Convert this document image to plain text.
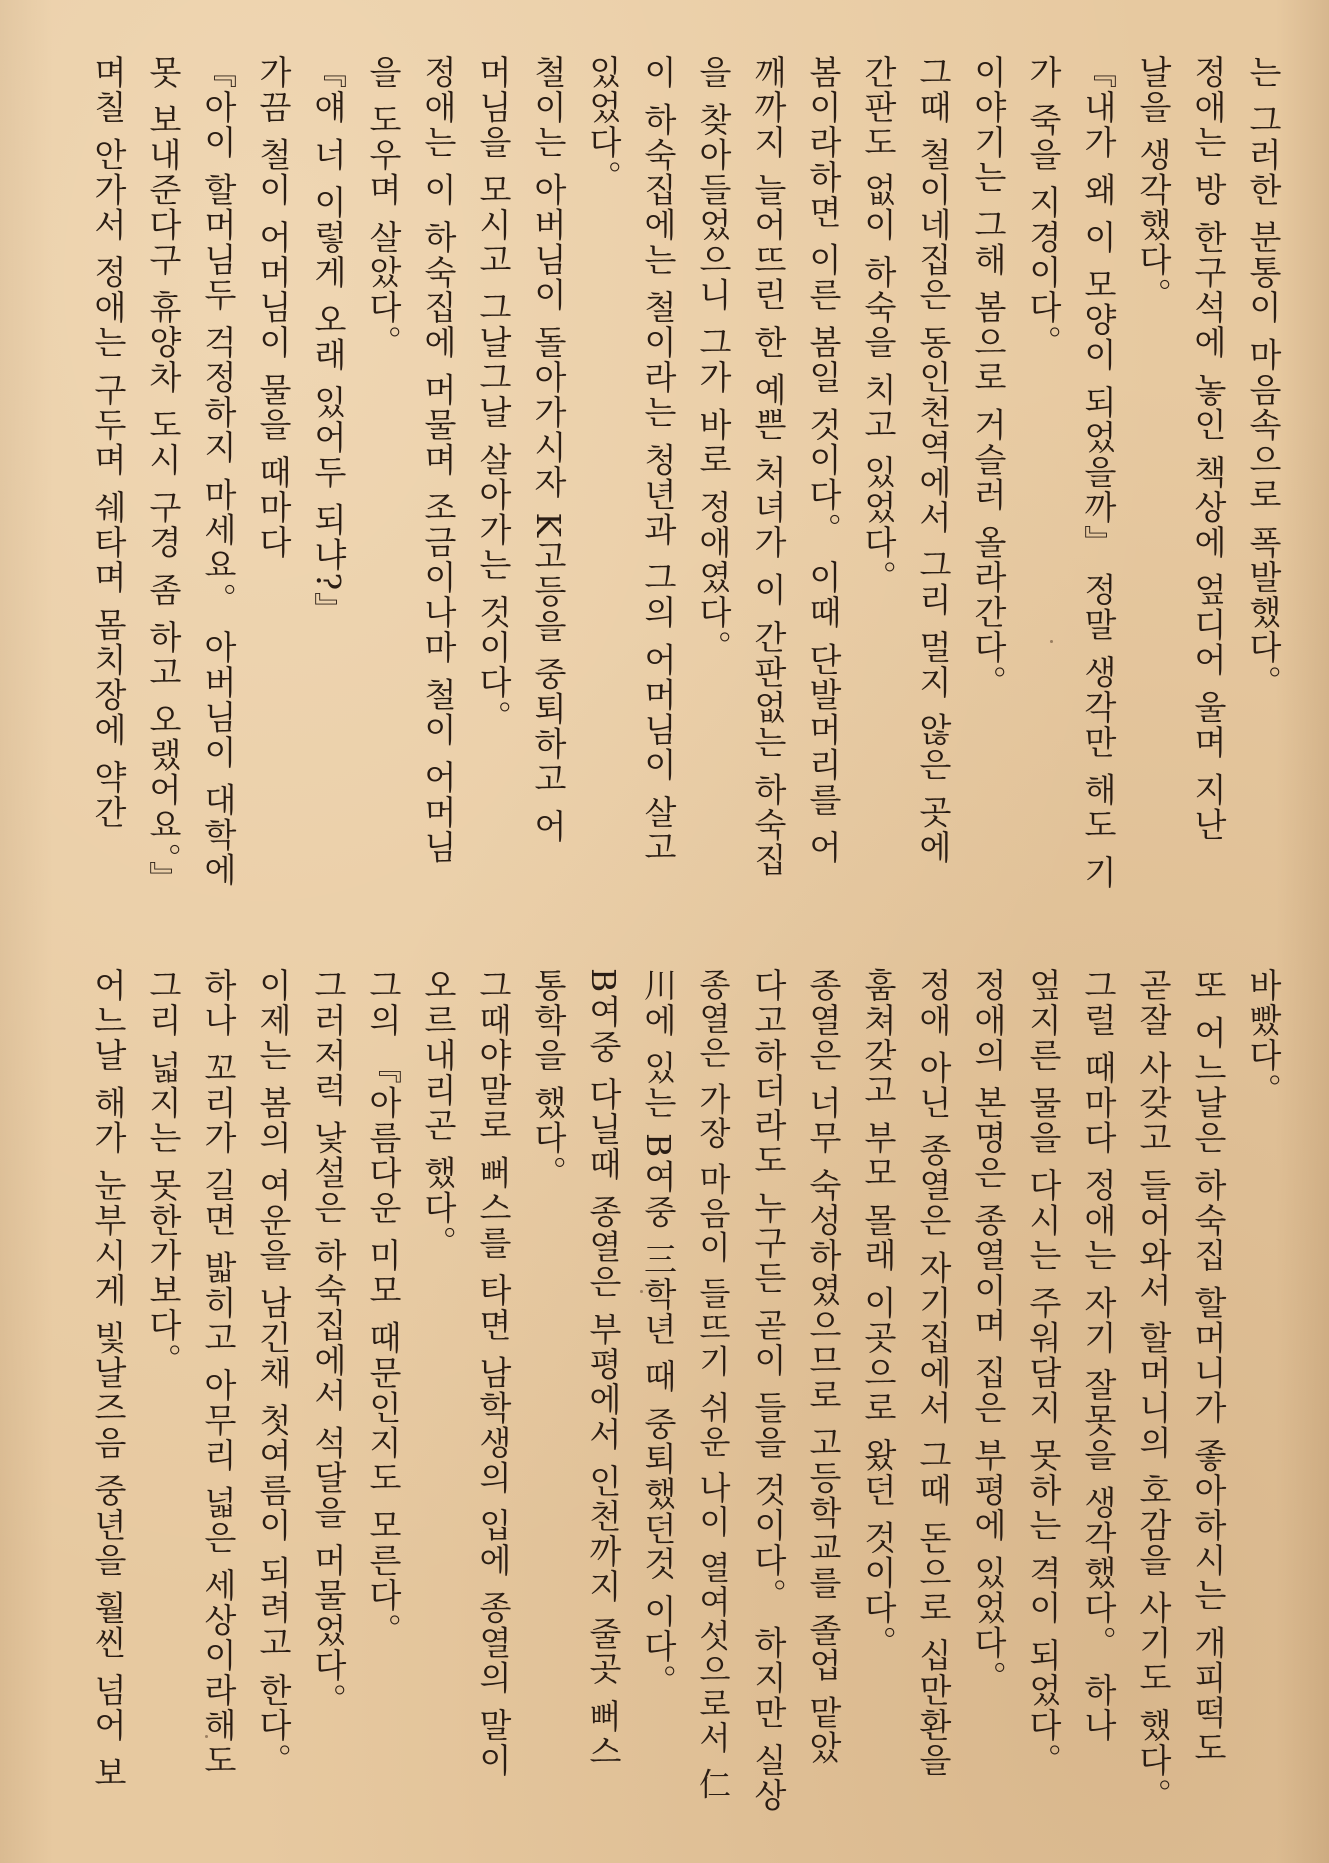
는 그러한 분통이 마음속으로 폭발했다。
정애는 방 한구석에 놓인 책상에 엎디어 울며 지난
날을 생각했다。
『내가 왜 이 모양이 되었을까』 정말 생각만 해도 기
가 죽을 지경이다。
이야기는 그해 봄으로 거슬러 올라간다。
그때 철이네집은 동인천역에서 그리 멀지 않은 곳에
간판도 없이 하숙을 치고 있었다。
봄이라하면 이른 봄일 것이다。 이때 단발머리를 어
깨까지 늘어뜨린 한 예쁜 처녀가 이 간판없는 하숙집
을 찾아들었으니 그가 바로 정애였다。
이 하숙집에는 철이라는 청년과 그의 어머님이 살고
있었다。
철이는 아버님이 돌아가시자 K고등을 중퇴하고 어
머님을 모시고 그날그날 살아가는 것이다。
정애는 이 하숙집에 머물며 조금이나마 철이 어머님
을 도우며 살았다。
『얘 너 이렇게 오래 있어두 되냐?』
가끔 철이 어머님이 물을 때마다
『아이 할머님두 걱정하지 마세요。 아버님이 대학에
못 보내준다구 휴양차 도시 구경 좀 하고 오랬어요。』
며칠 안가서 정애는 구두며 쉐타며 몸치장에 약간
바빴다。
또 어느날은 하숙집 할머니가 좋아하시는 개피떡도
곧잘 사갖고 들어와서 할머니의 호감을 사기도 했다。
그럴 때마다 정애는 자기 잘못을 생각했다。 하나
엎지른 물을 다시는 주워담지 못하는 격이 되었다。
정애의 본명은 종열이며 집은 부평에 있었다。
정애 아닌 종열은 자기집에서 그때 돈으로 십만환을
훔쳐갖고 부모 몰래 이곳으로 왔던 것이다。
종열은 너무 숙성하였으므로 고등학교를 졸업 맡았
다고하더라도 누구든 곧이 들을 것이다。 하지만 실상
종열은 가장 마음이 들뜨기 쉬운 나이 열여섯으로서 仁
川에 있는 B여중 三학년 때 중퇴했던것 이다。
B여중 다닐때 종열은 부평에서 인천까지 줄곳 뻐스
통학을 했다。
그때야말로 뻐스를 타면 남학생의 입에 종열의 말이
오르내리곤 했다。
그의 『아름다운 미모 때문인지도 모른다。
그러저럭 낯설은 하숙집에서 석달을 머물었다。
이제는 봄의 여운을 남긴채 첫여름이 되려고 한다。
하나 꼬리가 길면 밟히고 아무리 넓은 세상이라해도
그리 넓지는 못한가보다。
어느날 해가 눈부시게 빛날즈음 중년을 훨씬 넘어 보
